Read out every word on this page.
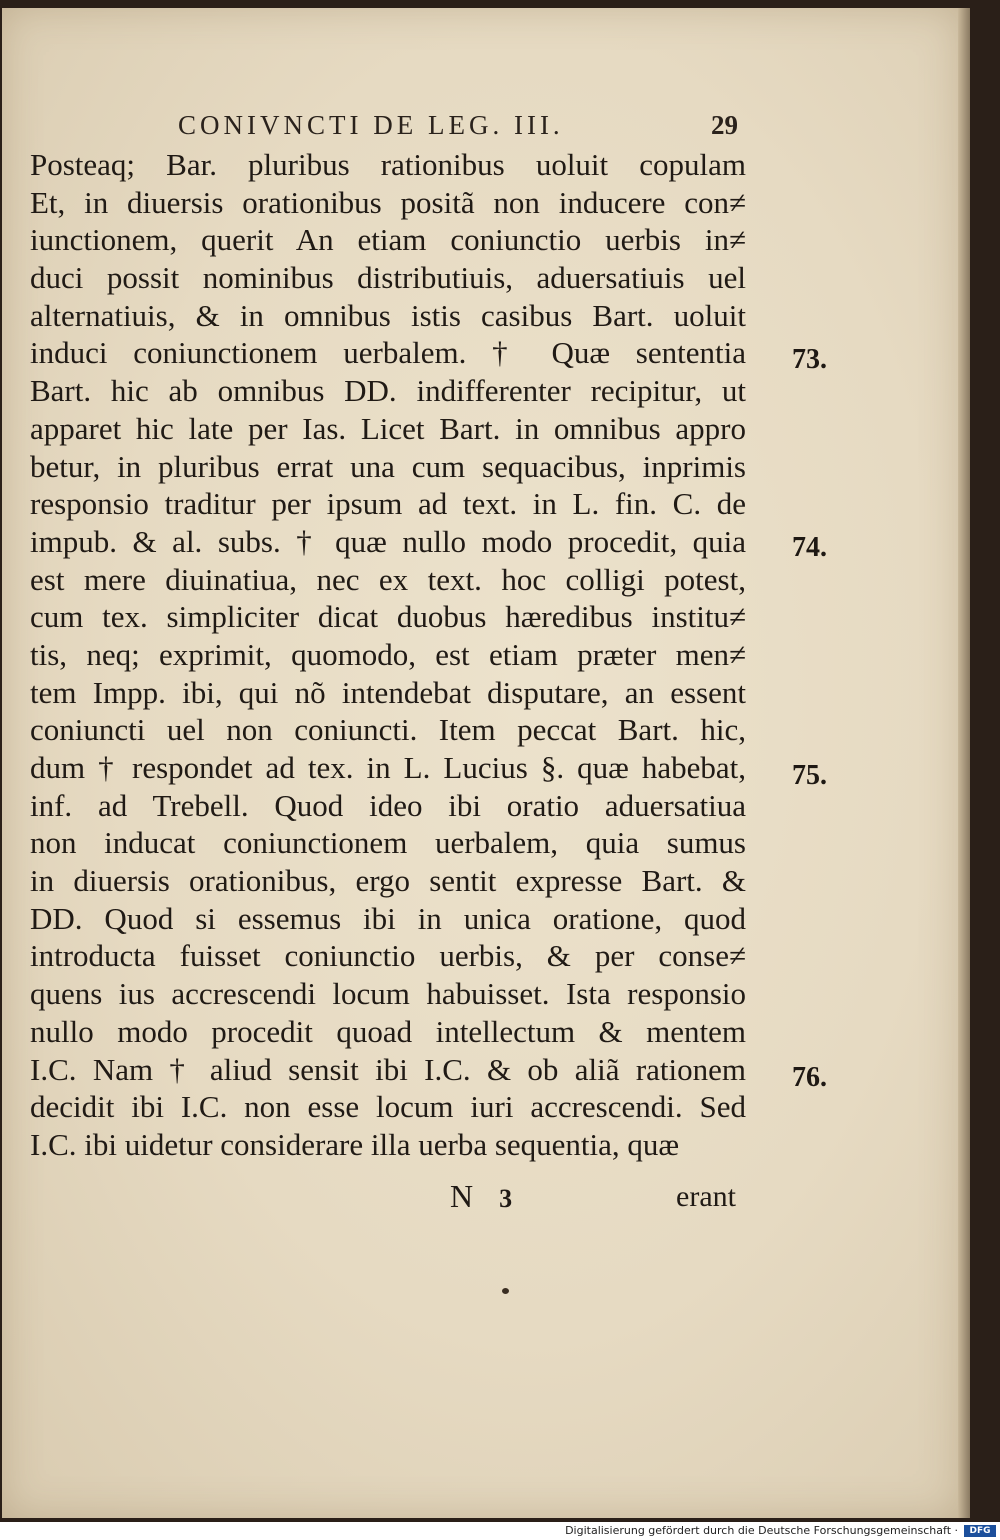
CONIVNCTI DE LEG. III.	29
Posteaq; Bar. pluribus rationibus uoluit copulam
Et, in diuersis orationibus positã non inducere con≠
iunctionem, querit An etiam coniunctio uerbis in≠
duci possit nominibus distributiuis, aduersatiuis uel
alternatiuis, & in omnibus istis casibus Bart. uoluit
induci coniunctionem uerbalem. † Quæ sententia
Bart. hic ab omnibus DD. indifferenter recipitur, ut
apparet hic late per Ias. Licet Bart. in omnibus appro
betur, in pluribus errat una cum sequacibus, inprimis
responsio traditur per ipsum ad text. in L. fin. C. de
impub. & al. subs. † quæ nullo modo procedit, quia
est mere diuinatiua, nec ex text. hoc colligi potest,
cum tex. simpliciter dicat duobus hæredibus institu≠
tis, neq; exprimit, quomodo, est etiam præter men≠
tem Impp. ibi, qui nõ intendebat disputare, an essent
coniuncti uel non coniuncti. Item peccat Bart. hic,
dum † respondet ad tex. in L. Lucius §. quæ habebat,
inf. ad Trebell. Quod ideo ibi oratio aduersatiua
non inducat coniunctionem uerbalem, quia sumus
in diuersis orationibus, ergo sentit expresse Bart. &
DD. Quod si essemus ibi in unica oratione, quod
introducta fuisset coniunctio uerbis, & per conse≠
quens ius accrescendi locum habuisset. Ista responsio
nullo modo procedit quoad intellectum & mentem
I.C. Nam † aliud sensit ibi I.C. & ob aliã rationem
decidit ibi I.C. non esse locum iuri accrescendi. Sed
I.C. ibi uidetur considerare illa uerba sequentia, quæ
73.
74.
75.
76.
N 3	erant
Digitalisierung gefördert durch die Deutsche Forschungsgemeinschaft ·	DFG
